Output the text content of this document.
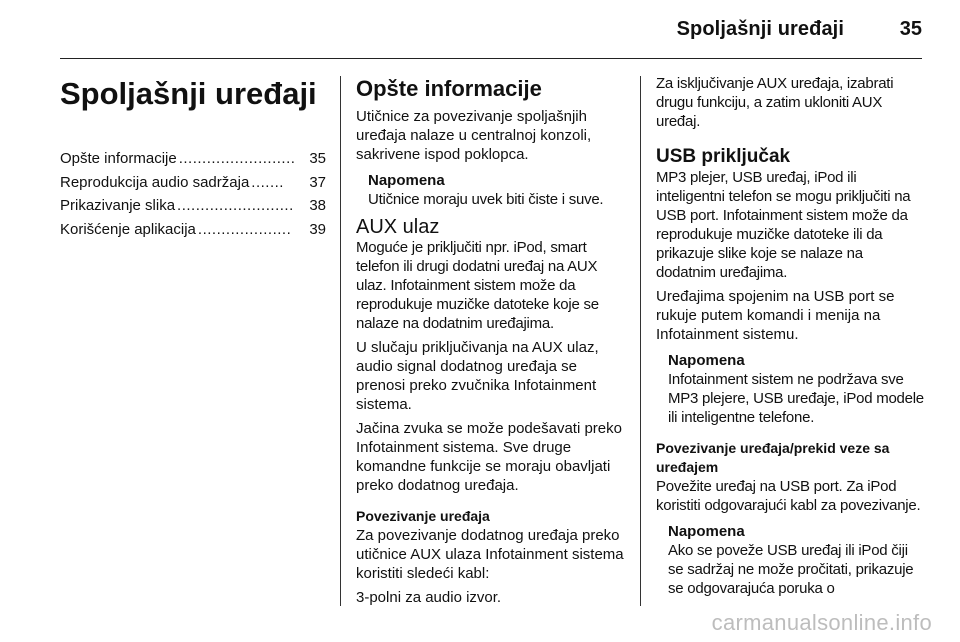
Spoljašnji uređaji	35
Spoljašnji uređaji
Opšte informacije ......................... 35
Reprodukcija audio sadržaja .......	37
Prikazivanje slika .........................	38
Korišćenje aplikacija ....................	39
Opšte informacije

Utičnice za povezivanje spoljašnjih uređaja nalaze u centralnoj konzoli, sakrivene ispod poklopca.

Napomena
Utičnice moraju uvek biti čiste i suve.
AUX ulaz

Moguće je priključiti npr. iPod, smart telefon ili drugi dodatni uređaj na AUX ulaz. Infotainment sistem može da reprodukuje muzičke datoteke koje se nalaze na dodatnim uređajima.

U slučaju priključivanja na AUX ulaz, audio signal dodatnog uređaja se prenosi preko zvučnika Infotainment sistema.

Jačina zvuka se može podešavati preko Infotainment sistema. Sve druge komandne funkcije se moraju obavljati preko dodatnog uređaja.

Povezivanje uređaja

Za povezivanje dodatnog uređaja preko utičnice AUX ulaza Infotainment sistema koristiti sledeći kabl:

3-polni za audio izvor.

Za isključivanje AUX uređaja, izabrati drugu funkciju, a zatim ukloniti AUX uređaj.

USB priključak

MP3 plejer, USB uređaj, iPod ili inteligentni telefon se mogu priključiti na USB port. Infotainment sistem može da reprodukuje muzičke datoteke ili da prikazuje slike koje se nalaze na dodatnim uređajima.

Uređajima spojenim na USB port se rukuje putem komandi i menija na Infotainment sistemu.

Napomena
Infotainment sistem ne podržava sve MP3 plejere, USB uređaje, iPod modele ili inteligentne telefone.
Povezivanje uređaja/prekid veze sa uređajem

Povežite uređaj na USB port. Za iPod koristiti odgovarajući kabl za povezivanje.

Napomena
Ako se poveže USB uređaj ili iPod čiji se sadržaj ne može pročitati, prikazuje se odgovarajuća poruka o
carmanualsonline.info
